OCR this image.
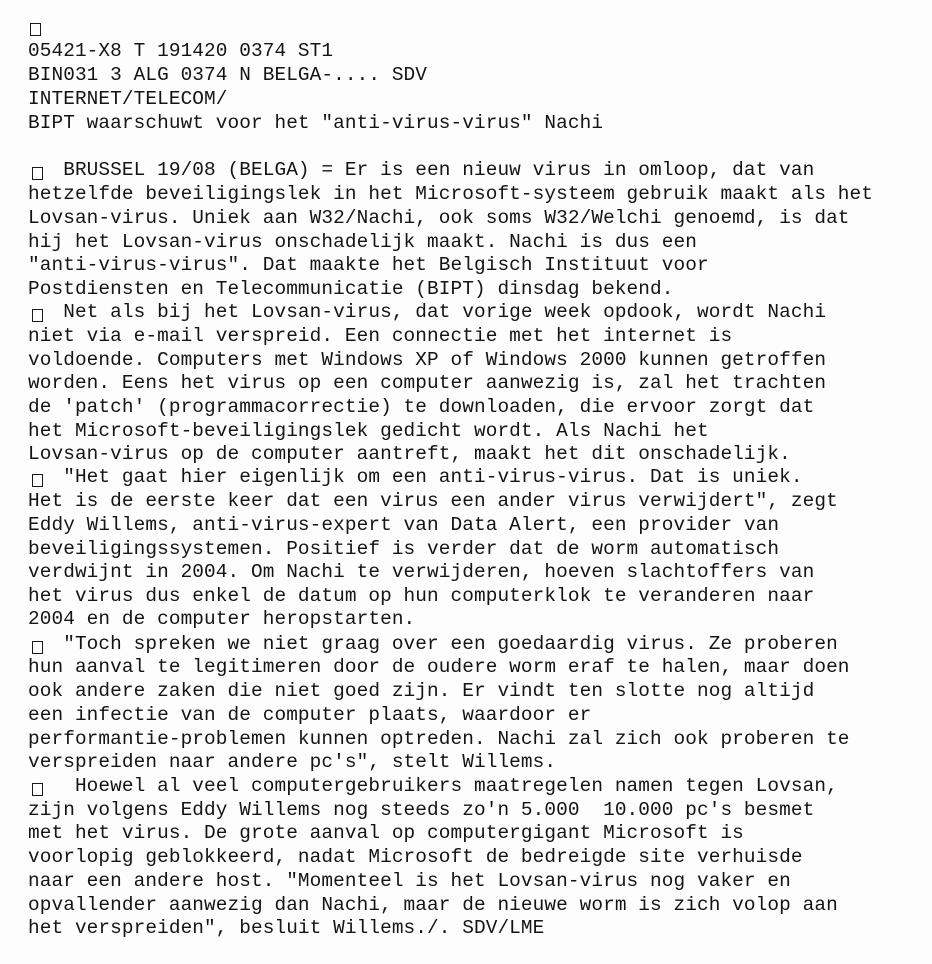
05421-X8 T 191420 0374 ST1

BIN031 3 ALG 0374 N BELGA-.... SDV

INTERNET/TELECOM/

BIPT waarschuwt voor het "anti-virus-virus" Nachi

BRUSSEL 19/08 (BELGA) = Er is een nieuw virus in omloop, dat van

hetzelfde beveiligingslek in het Microsoft-systeem gebruik maakt als het

Lovsan-virus. Uniek aan W32/Nachi, ook soms W32/Welchi genoemd, is dat

hij het Lovsan-virus onschadelijk maakt. Nachi is dus een

"anti-virus-virus". Dat maakte het Belgisch Instituut voor

Postdiensten en Telecommunicatie (BIPT) dinsdag bekend.

Net als bij het Lovsan-virus, dat vorige week opdook, wordt Nachi

niet via e-mail verspreid. Een connectie met het internet is

voldoende. Computers met Windows XP of Windows 2000 kunnen getroffen

worden. Eens het virus op een computer aanwezig is, zal het trachten

de 'patch' (programmacorrectie) te downloaden, die ervoor zorgt dat

het Microsoft-beveiligingslek gedicht wordt. Als Nachi het

Lovsan-virus op de computer aantreft, maakt het dit onschadelijk.

"Het gaat hier eigenlijk om een anti-virus-virus. Dat is uniek.

Het is de eerste keer dat een virus een ander virus verwijdert", zegt

Eddy Willems, anti-virus-expert van Data Alert, een provider van

beveiligingssystemen. Positief is verder dat de worm automatisch

verdwijnt in 2004. Om Nachi te verwijderen, hoeven slachtoffers van

het virus dus enkel de datum op hun computerklok te veranderen naar

2004 en de computer heropstarten.

"Toch spreken we niet graag over een goedaardig virus. Ze proberen

hun aanval te legitimeren door de oudere worm eraf te halen, maar doen

ook andere zaken die niet goed zijn. Er vindt ten slotte nog altijd

een infectie van de computer plaats, waardoor er

performantie-problemen kunnen optreden. Nachi zal zich ook proberen te

verspreiden naar andere pc's", stelt Willems.

Hoewel al veel computergebruikers maatregelen namen tegen Lovsan,

zijn volgens Eddy Willems nog steeds zo'n 5.000  10.000 pc's besmet

met het virus. De grote aanval op computergigant Microsoft is

voorlopig geblokkeerd, nadat Microsoft de bedreigde site verhuisde

naar een andere host. "Momenteel is het Lovsan-virus nog vaker en

opvallender aanwezig dan Nachi, maar de nieuwe worm is zich volop aan

het verspreiden", besluit Willems./. SDV/LME
